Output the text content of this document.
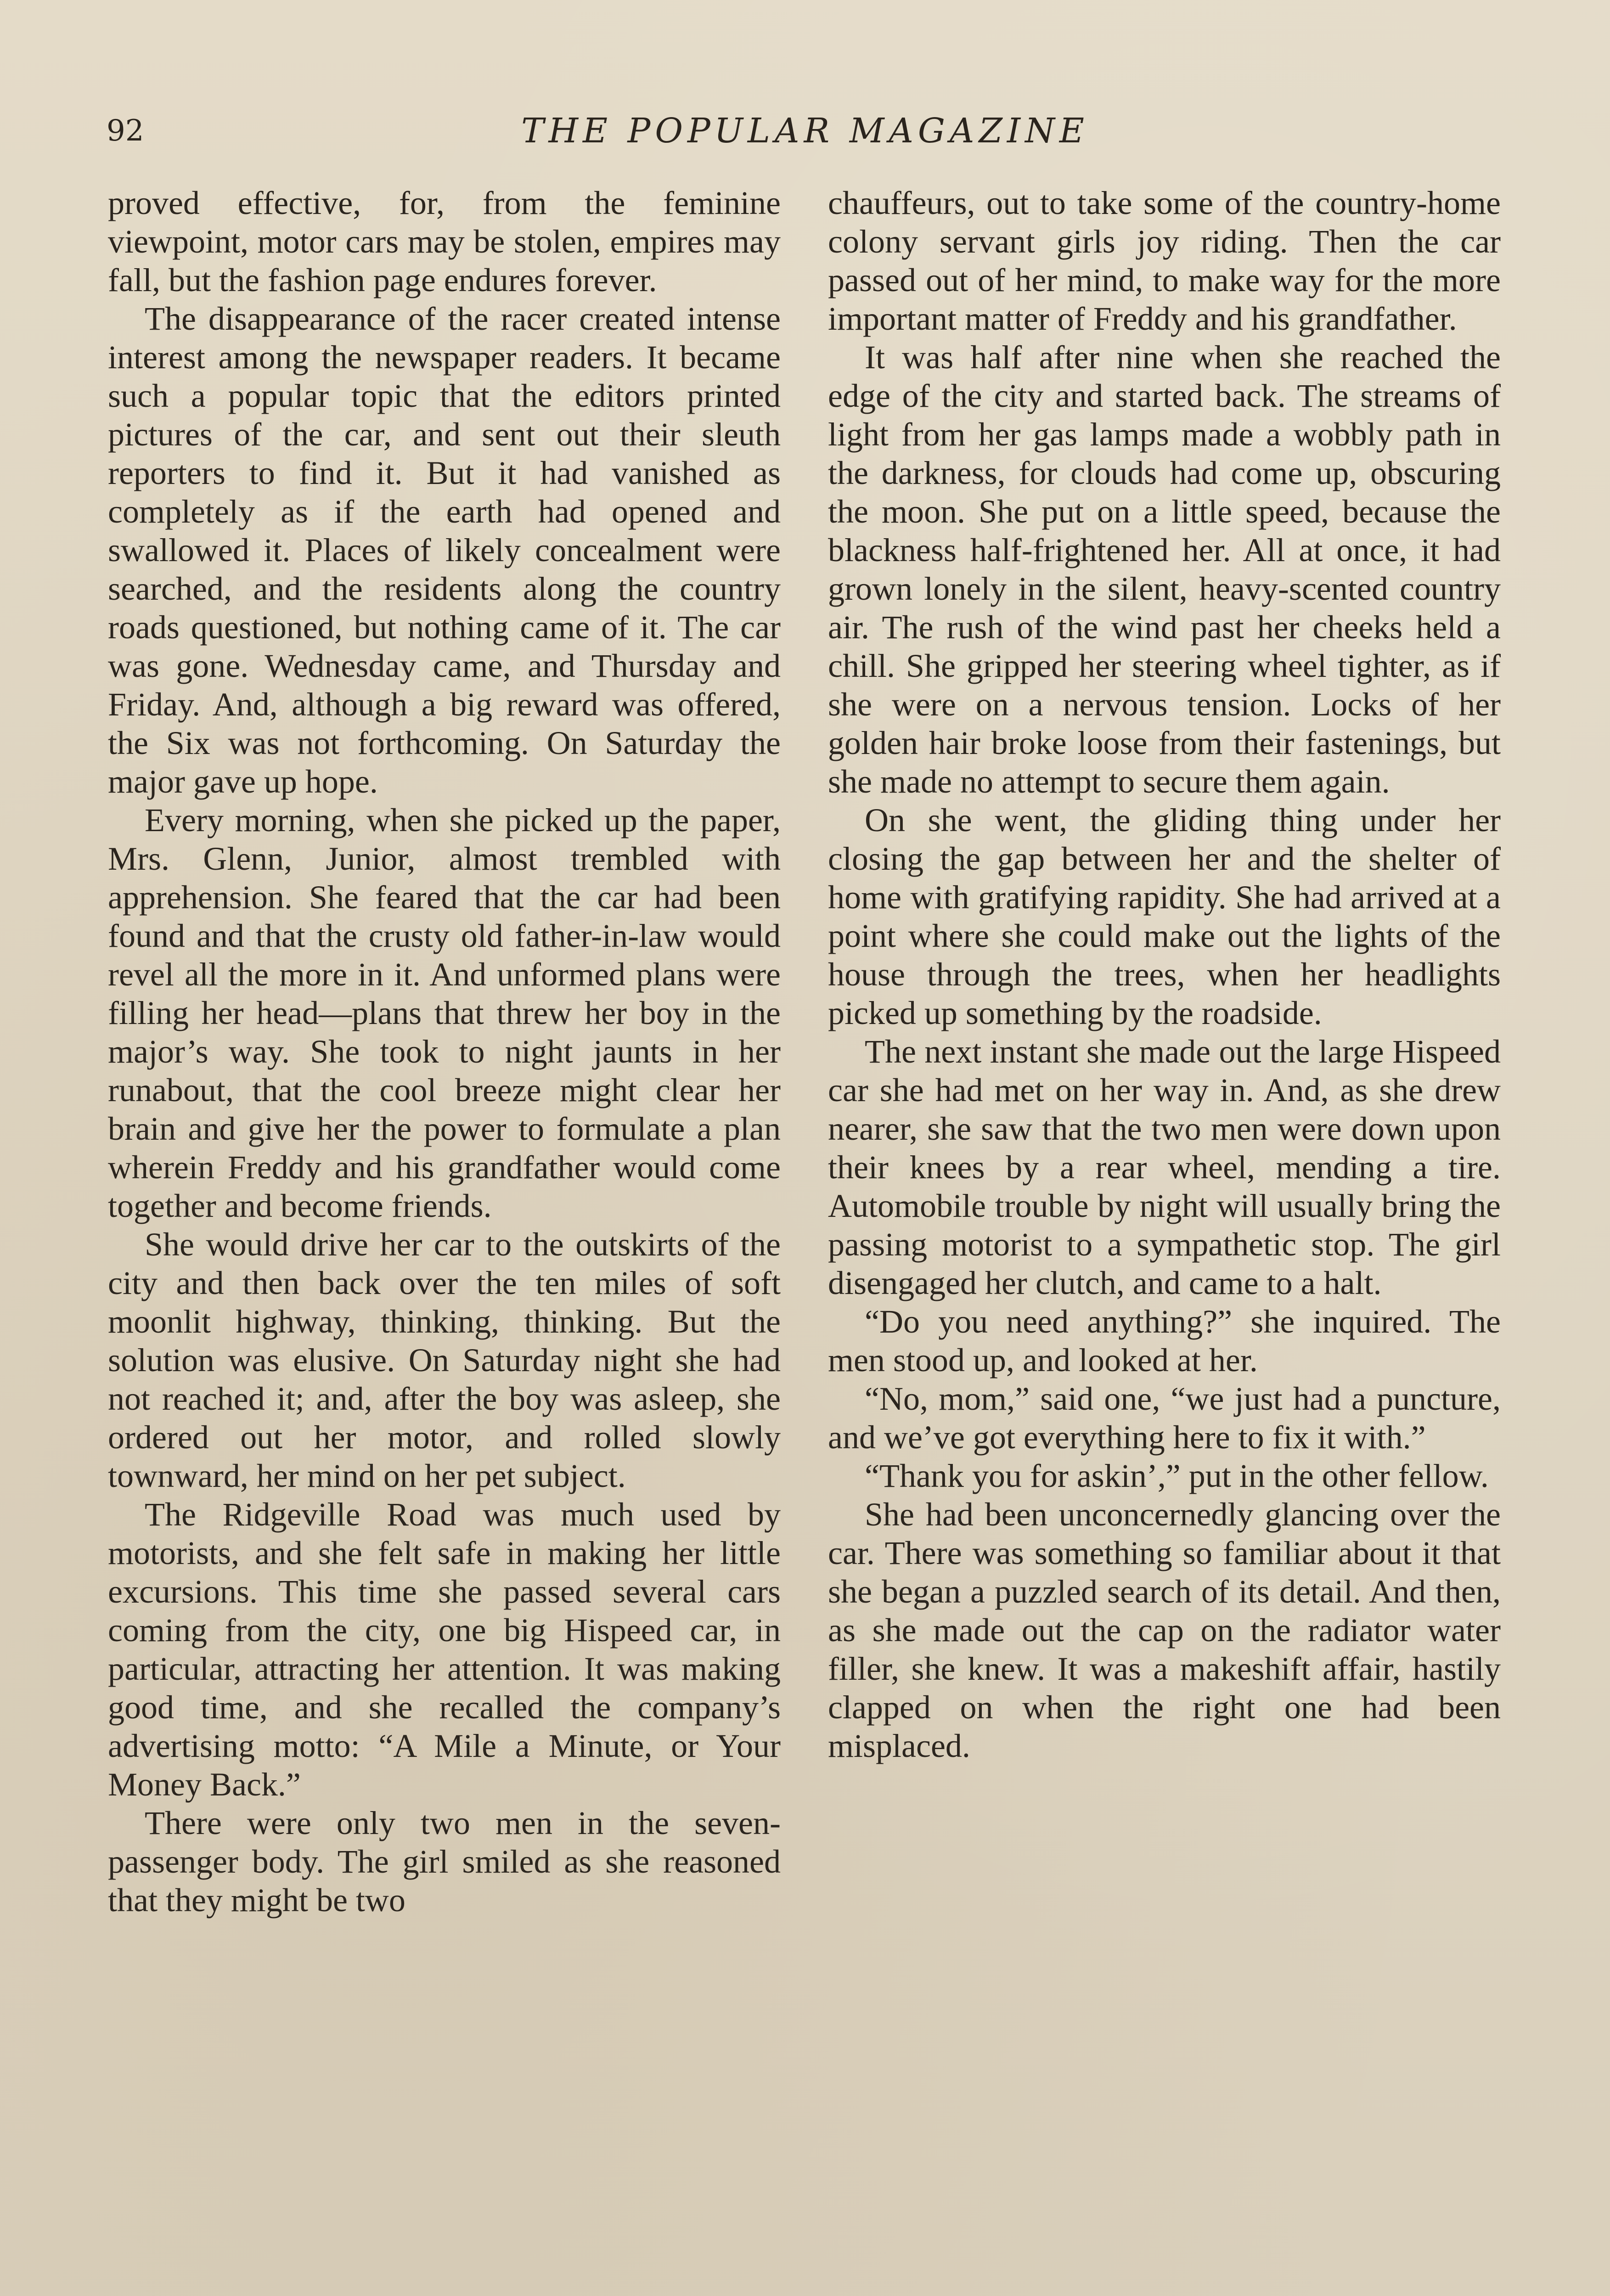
92	THE POPULAR MAGAZINE

proved effective, for, from the feminine viewpoint, motor cars may be stolen, empires may fall, but the fashion page endures forever.

The disappearance of the racer created intense interest among the newspaper readers. It became such a popular topic that the editors printed pictures of the car, and sent out their sleuth reporters to find it. But it had vanished as completely as if the earth had opened and swallowed it. Places of likely concealment were searched, and the residents along the country roads questioned, but nothing came of it. The car was gone. Wednesday came, and Thursday and Friday. And, although a big reward was offered, the Six was not forthcoming. On Saturday the major gave up hope.

Every morning, when she picked up the paper, Mrs. Glenn, Junior, almost trembled with apprehension. She feared that the car had been found and that the crusty old father-in-law would revel all the more in it. And unformed plans were filling her head—plans that threw her boy in the major’s way. She took to night jaunts in her runabout, that the cool breeze might clear her brain and give her the power to formulate a plan wherein Freddy and his grandfather would come together and become friends.

She would drive her car to the outskirts of the city and then back over the ten miles of soft moonlit highway, thinking, thinking. But the solution was elusive. On Saturday night she had not reached it; and, after the boy was asleep, she ordered out her motor, and rolled slowly townward, her mind on her pet subject.

The Ridgeville Road was much used by motorists, and she felt safe in making her little excursions. This time she passed several cars coming from the city, one big Hispeed car, in particular, attracting her attention. It was making good time, and she recalled the company’s advertising motto: “A Mile a Minute, or Your Money Back.”

There were only two men in the seven-passenger body. The girl smiled as she reasoned that they might be two

chauffeurs, out to take some of the country-home colony servant girls joy riding. Then the car passed out of her mind, to make way for the more important matter of Freddy and his grandfather.

It was half after nine when she reached the edge of the city and started back. The streams of light from her gas lamps made a wobbly path in the darkness, for clouds had come up, obscuring the moon. She put on a little speed, because the blackness half-frightened her. All at once, it had grown lonely in the silent, heavy-scented country air. The rush of the wind past her cheeks held a chill. She gripped her steering wheel tighter, as if she were on a nervous tension. Locks of her golden hair broke loose from their fastenings, but she made no attempt to secure them again.

On she went, the gliding thing under her closing the gap between her and the shelter of home with gratifying rapidity. She had arrived at a point where she could make out the lights of the house through the trees, when her headlights picked up something by the roadside.

The next instant she made out the large Hispeed car she had met on her way in. And, as she drew nearer, she saw that the two men were down upon their knees by a rear wheel, mending a tire. Automobile trouble by night will usually bring the passing motorist to a sympathetic stop. The girl disengaged her clutch, and came to a halt.

“Do you need anything?” she inquired. The men stood up, and looked at her.

“No, mom,” said one, “we just had a puncture, and we’ve got everything here to fix it with.”

“Thank you for askin’,” put in the other fellow.

She had been unconcernedly glancing over the car. There was something so familiar about it that she began a puzzled search of its detail. And then, as she made out the cap on the radiator water filler, she knew. It was a makeshift affair, hastily clapped on when the right one had been misplaced.
